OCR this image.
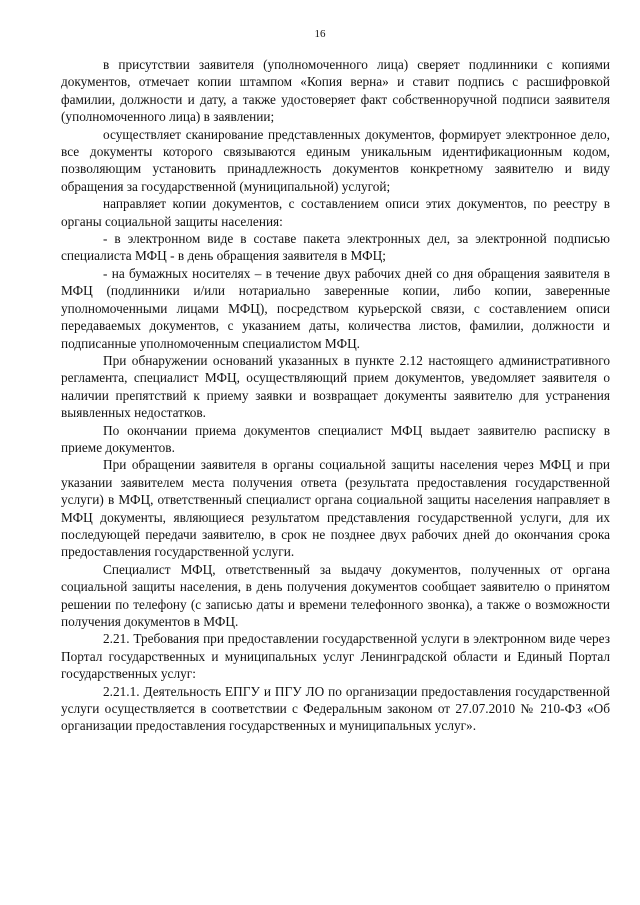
16

в присутствии заявителя (уполномоченного лица) сверяет подлинники с копиями документов, отмечает копии штампом «Копия верна» и ставит подпись с расшифровкой фамилии, должности и дату, а также удостоверяет факт собственноручной подписи заявителя (уполномоченного лица) в заявлении;

осуществляет сканирование представленных документов, формирует электронное дело, все документы которого связываются единым уникальным идентификационным кодом, позволяющим установить принадлежность документов конкретному заявителю и виду обращения за государственной (муниципальной) услугой;

направляет копии документов, с составлением описи этих документов, по реестру в органы социальной защиты населения:

- в электронном виде в составе пакета электронных дел, за электронной подписью специалиста МФЦ - в день обращения заявителя в МФЦ;

- на бумажных носителях – в течение двух рабочих дней со дня обращения заявителя в МФЦ (подлинники и/или нотариально заверенные копии, либо копии, заверенные уполномоченными лицами МФЦ), посредством курьерской связи, с составлением описи передаваемых документов, с указанием даты, количества листов, фамилии, должности и подписанные уполномоченным специалистом МФЦ.

При обнаружении оснований указанных в пункте 2.12 настоящего административного регламента, специалист МФЦ, осуществляющий прием документов, уведомляет заявителя о наличии препятствий к приему заявки и возвращает документы заявителю для устранения выявленных недостатков.

По окончании приема документов специалист МФЦ выдает заявителю расписку в приеме документов.

При обращении заявителя в органы социальной защиты населения через МФЦ и при указании заявителем места получения ответа (результата предоставления государственной услуги) в МФЦ, ответственный специалист органа социальной защиты населения направляет в МФЦ документы, являющиеся результатом представления государственной услуги, для их последующей передачи заявителю, в срок не позднее двух рабочих дней до окончания срока предоставления государственной услуги.

Специалист МФЦ, ответственный за выдачу документов, полученных от органа социальной защиты населения, в день получения документов сообщает заявителю о принятом решении по телефону (с записью даты и времени телефонного звонка), а также о возможности получения документов в МФЦ.

2.21. Требования при предоставлении государственной услуги в электронном виде через Портал государственных и муниципальных услуг Ленинградской области и Единый Портал государственных услуг:

2.21.1. Деятельность ЕПГУ и ПГУ ЛО по организации предоставления государственной услуги осуществляется в соответствии с Федеральным законом от 27.07.2010 № 210-ФЗ «Об организации предоставления государственных и муниципальных услуг».
